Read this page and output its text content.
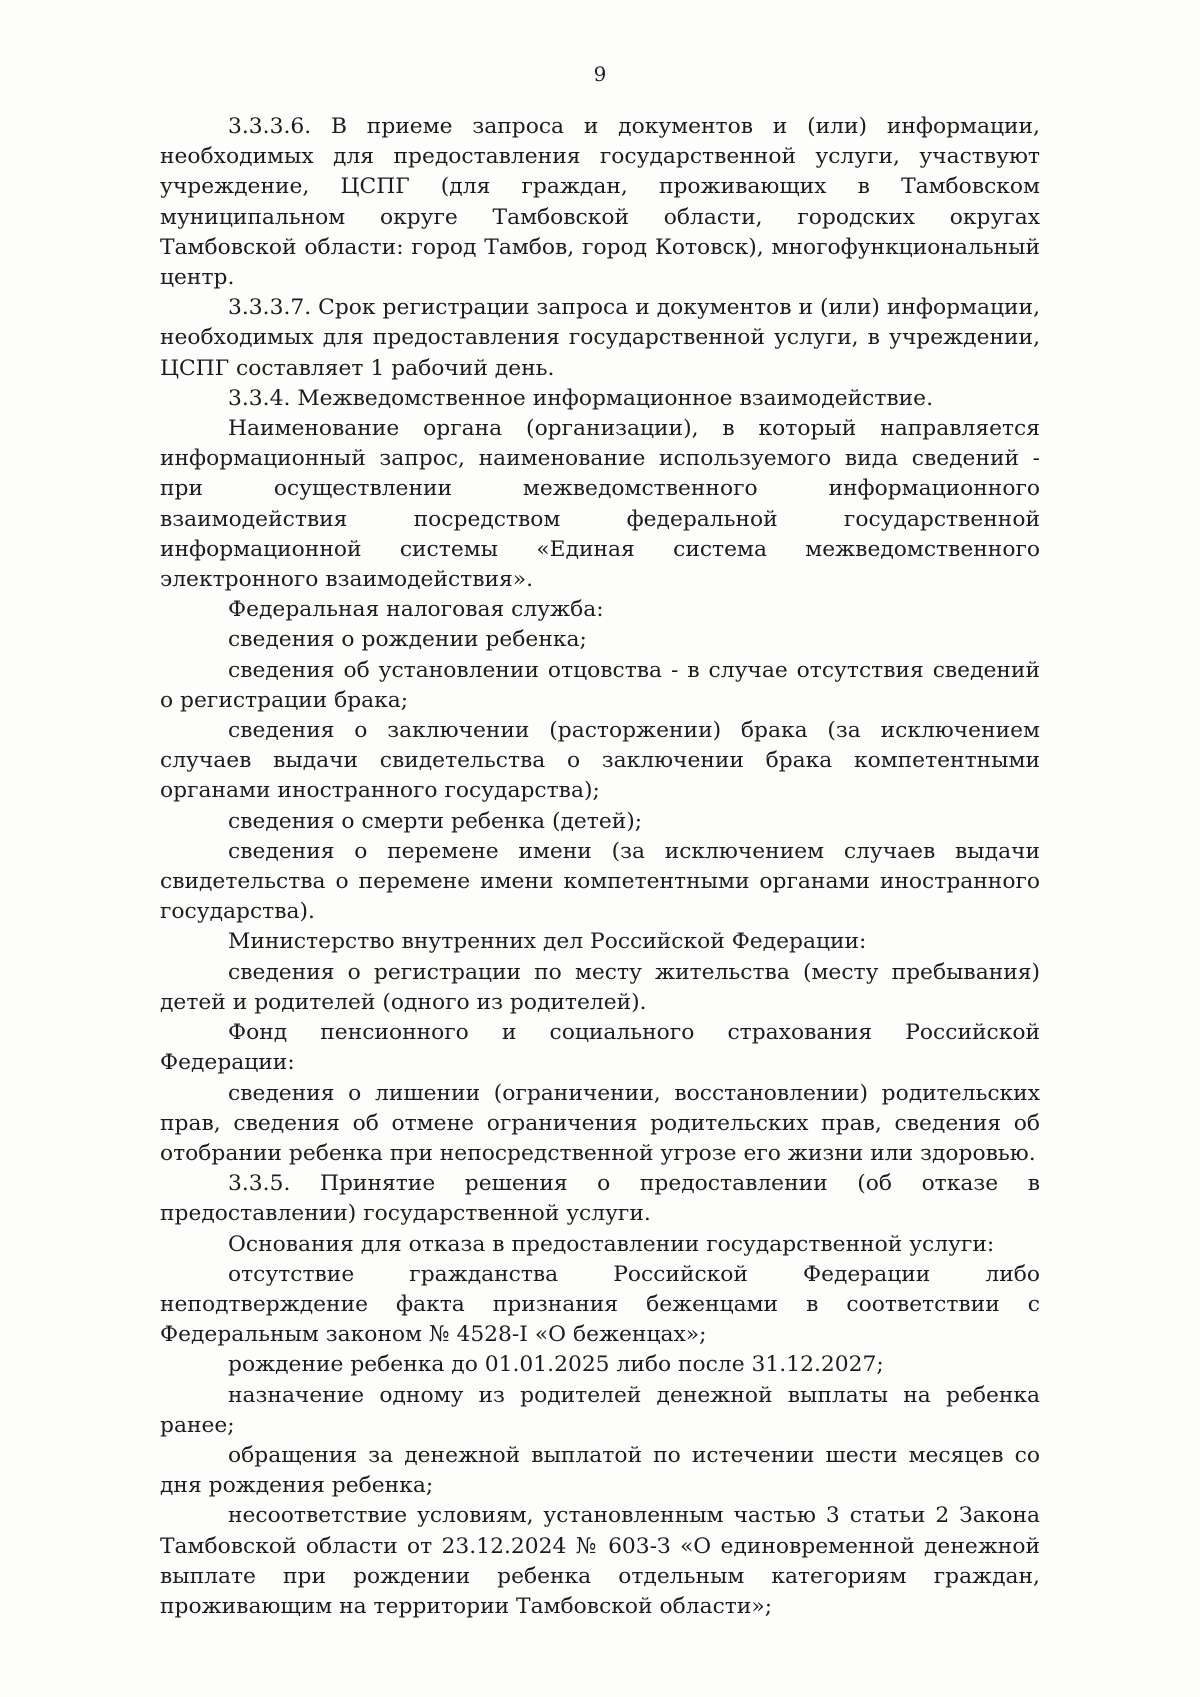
9

3.3.3.6. В приеме запроса и документов и (или) информации, необходимых для предоставления государственной услуги, участвуют учреждение, ЦСПГ (для граждан, проживающих в Тамбовском муниципальном округе Тамбовской области, городских округах Тамбовской области: город Тамбов, город Котовск), многофункциональный центр.

3.3.3.7. Срок регистрации запроса и документов и (или) информации, необходимых для предоставления государственной услуги, в учреждении, ЦСПГ составляет 1 рабочий день.

3.3.4. Межведомственное информационное взаимодействие.

Наименование органа (организации), в который направляется информационный запрос, наименование используемого вида сведений - при осуществлении межведомственного информационного взаимодействия посредством федеральной государственной информационной системы «Единая система межведомственного электронного взаимодействия».

Федеральная налоговая служба:

сведения о рождении ребенка;

сведения об установлении отцовства - в случае отсутствия сведений о регистрации брака;

сведения о заключении (расторжении) брака (за исключением случаев выдачи свидетельства о заключении брака компетентными органами иностранного государства);

сведения о смерти ребенка (детей);

сведения о перемене имени (за исключением случаев выдачи свидетельства о перемене имени компетентными органами иностранного государства).

Министерство внутренних дел Российской Федерации:

сведения о регистрации по месту жительства (месту пребывания) детей и родителей (одного из родителей).

Фонд пенсионного и социального страхования Российской Федерации:

сведения о лишении (ограничении, восстановлении) родительских прав, сведения об отмене ограничения родительских прав, сведения об отобрании ребенка при непосредственной угрозе его жизни или здоровью.

3.3.5. Принятие решения о предоставлении (об отказе в предоставлении) государственной услуги.

Основания для отказа в предоставлении государственной услуги:

отсутствие гражданства Российской Федерации либо неподтверждение факта признания беженцами в соответствии с Федеральным законом № 4528-I «О беженцах»;

рождение ребенка до 01.01.2025 либо после 31.12.2027;

назначение одному из родителей денежной выплаты на ребенка ранее;

обращения за денежной выплатой по истечении шести месяцев со дня рождения ребенка;

несоответствие условиям, установленным частью 3 статьи 2 Закона Тамбовской области от 23.12.2024 № 603-З «О единовременной денежной выплате при рождении ребенка отдельным категориям граждан, проживающим на территории Тамбовской области»;
